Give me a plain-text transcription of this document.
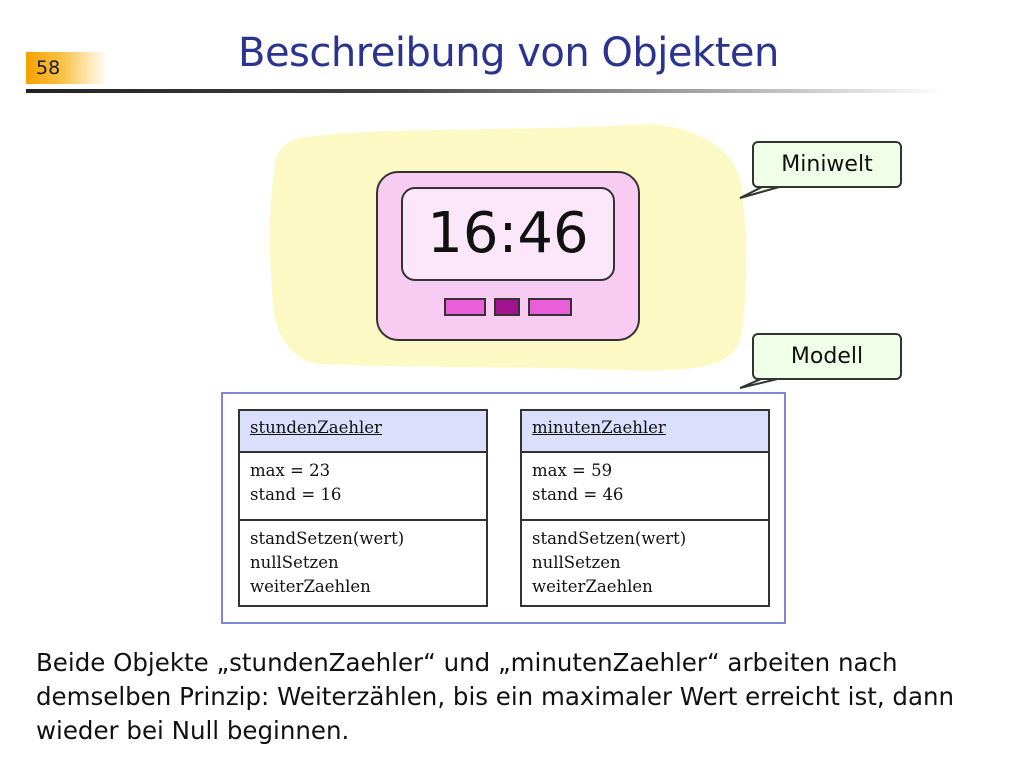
58	Beschreibung von Objekten
16:46
Miniwelt
Modell
stundenZaehler
max = 23
stand = 16
standSetzen(wert)
nullSetzen
weiterZaehlen
minutenZaehler
max = 59
stand = 46
standSetzen(wert)
nullSetzen
weiterZaehlen
Beide Objekte „stundenZaehler“ und „minutenZaehler“ arbeiten nach demselben Prinzip: Weiterzählen, bis ein maximaler Wert erreicht ist, dann wieder bei Null beginnen.
